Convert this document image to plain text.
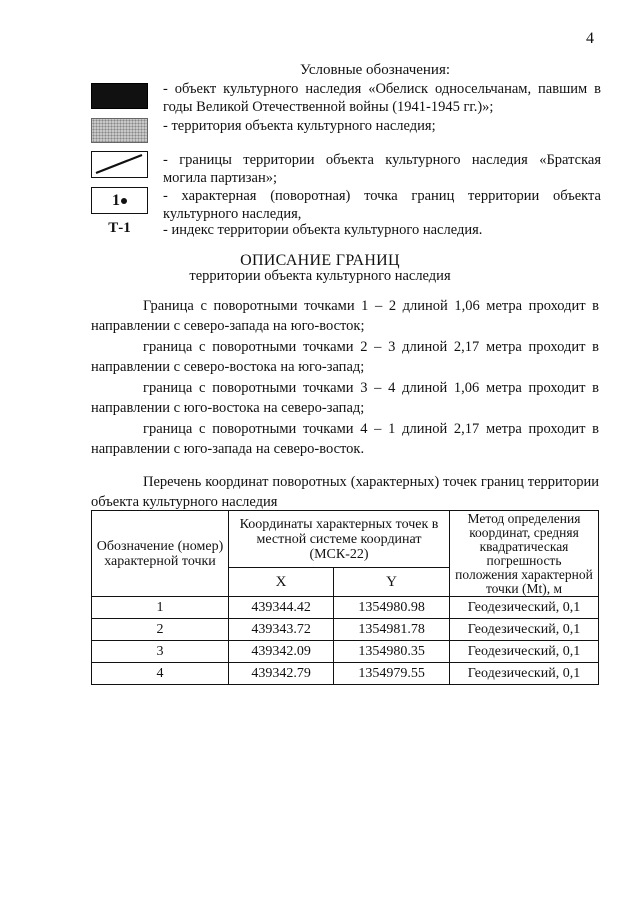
4
Условные обозначения:
- объект культурного наследия «Обелиск односельчанам, павшим в годы Великой Отечественной войны (1941-1945 гг.)»;
- территория объекта культурного наследия;
- границы территории объекта культурного наследия «Братская могила партизан»;
1	- характерная (поворотная) точка границ территории объекта культурного наследия,
Т-1	- индекс территории объекта культурного наследия.
ОПИСАНИЕ ГРАНИЦ
территории объекта культурного наследия
Граница с поворотными точками 1 – 2 длиной 1,06 метра проходит в направлении с северо-запада на юго-восток;
граница с поворотными точками 2 – 3 длиной 2,17 метра проходит в направлении с северо-востока на юго-запад;
граница с поворотными точками 3 – 4 длиной 1,06 метра проходит в направлении с юго-востока на северо-запад;
граница с поворотными точками 4 – 1 длиной 2,17 метра проходит в направлении с юго-запада на северо-восток.
Перечень координат поворотных (характерных) точек границ территории объекта культурного наследия
Обозначение (номер) характерной точки	Координаты характерных точек в местной системе координат (МСК-22)		Метод определения координат, средняя квадратическая погрешность положения характерной точки (Mt), м
	X	Y	
1	439344.42	1354980.98	Геодезический, 0,1
2	439343.72	1354981.78	Геодезический, 0,1
3	439342.09	1354980.35	Геодезический, 0,1
4	439342.79	1354979.55	Геодезический, 0,1
